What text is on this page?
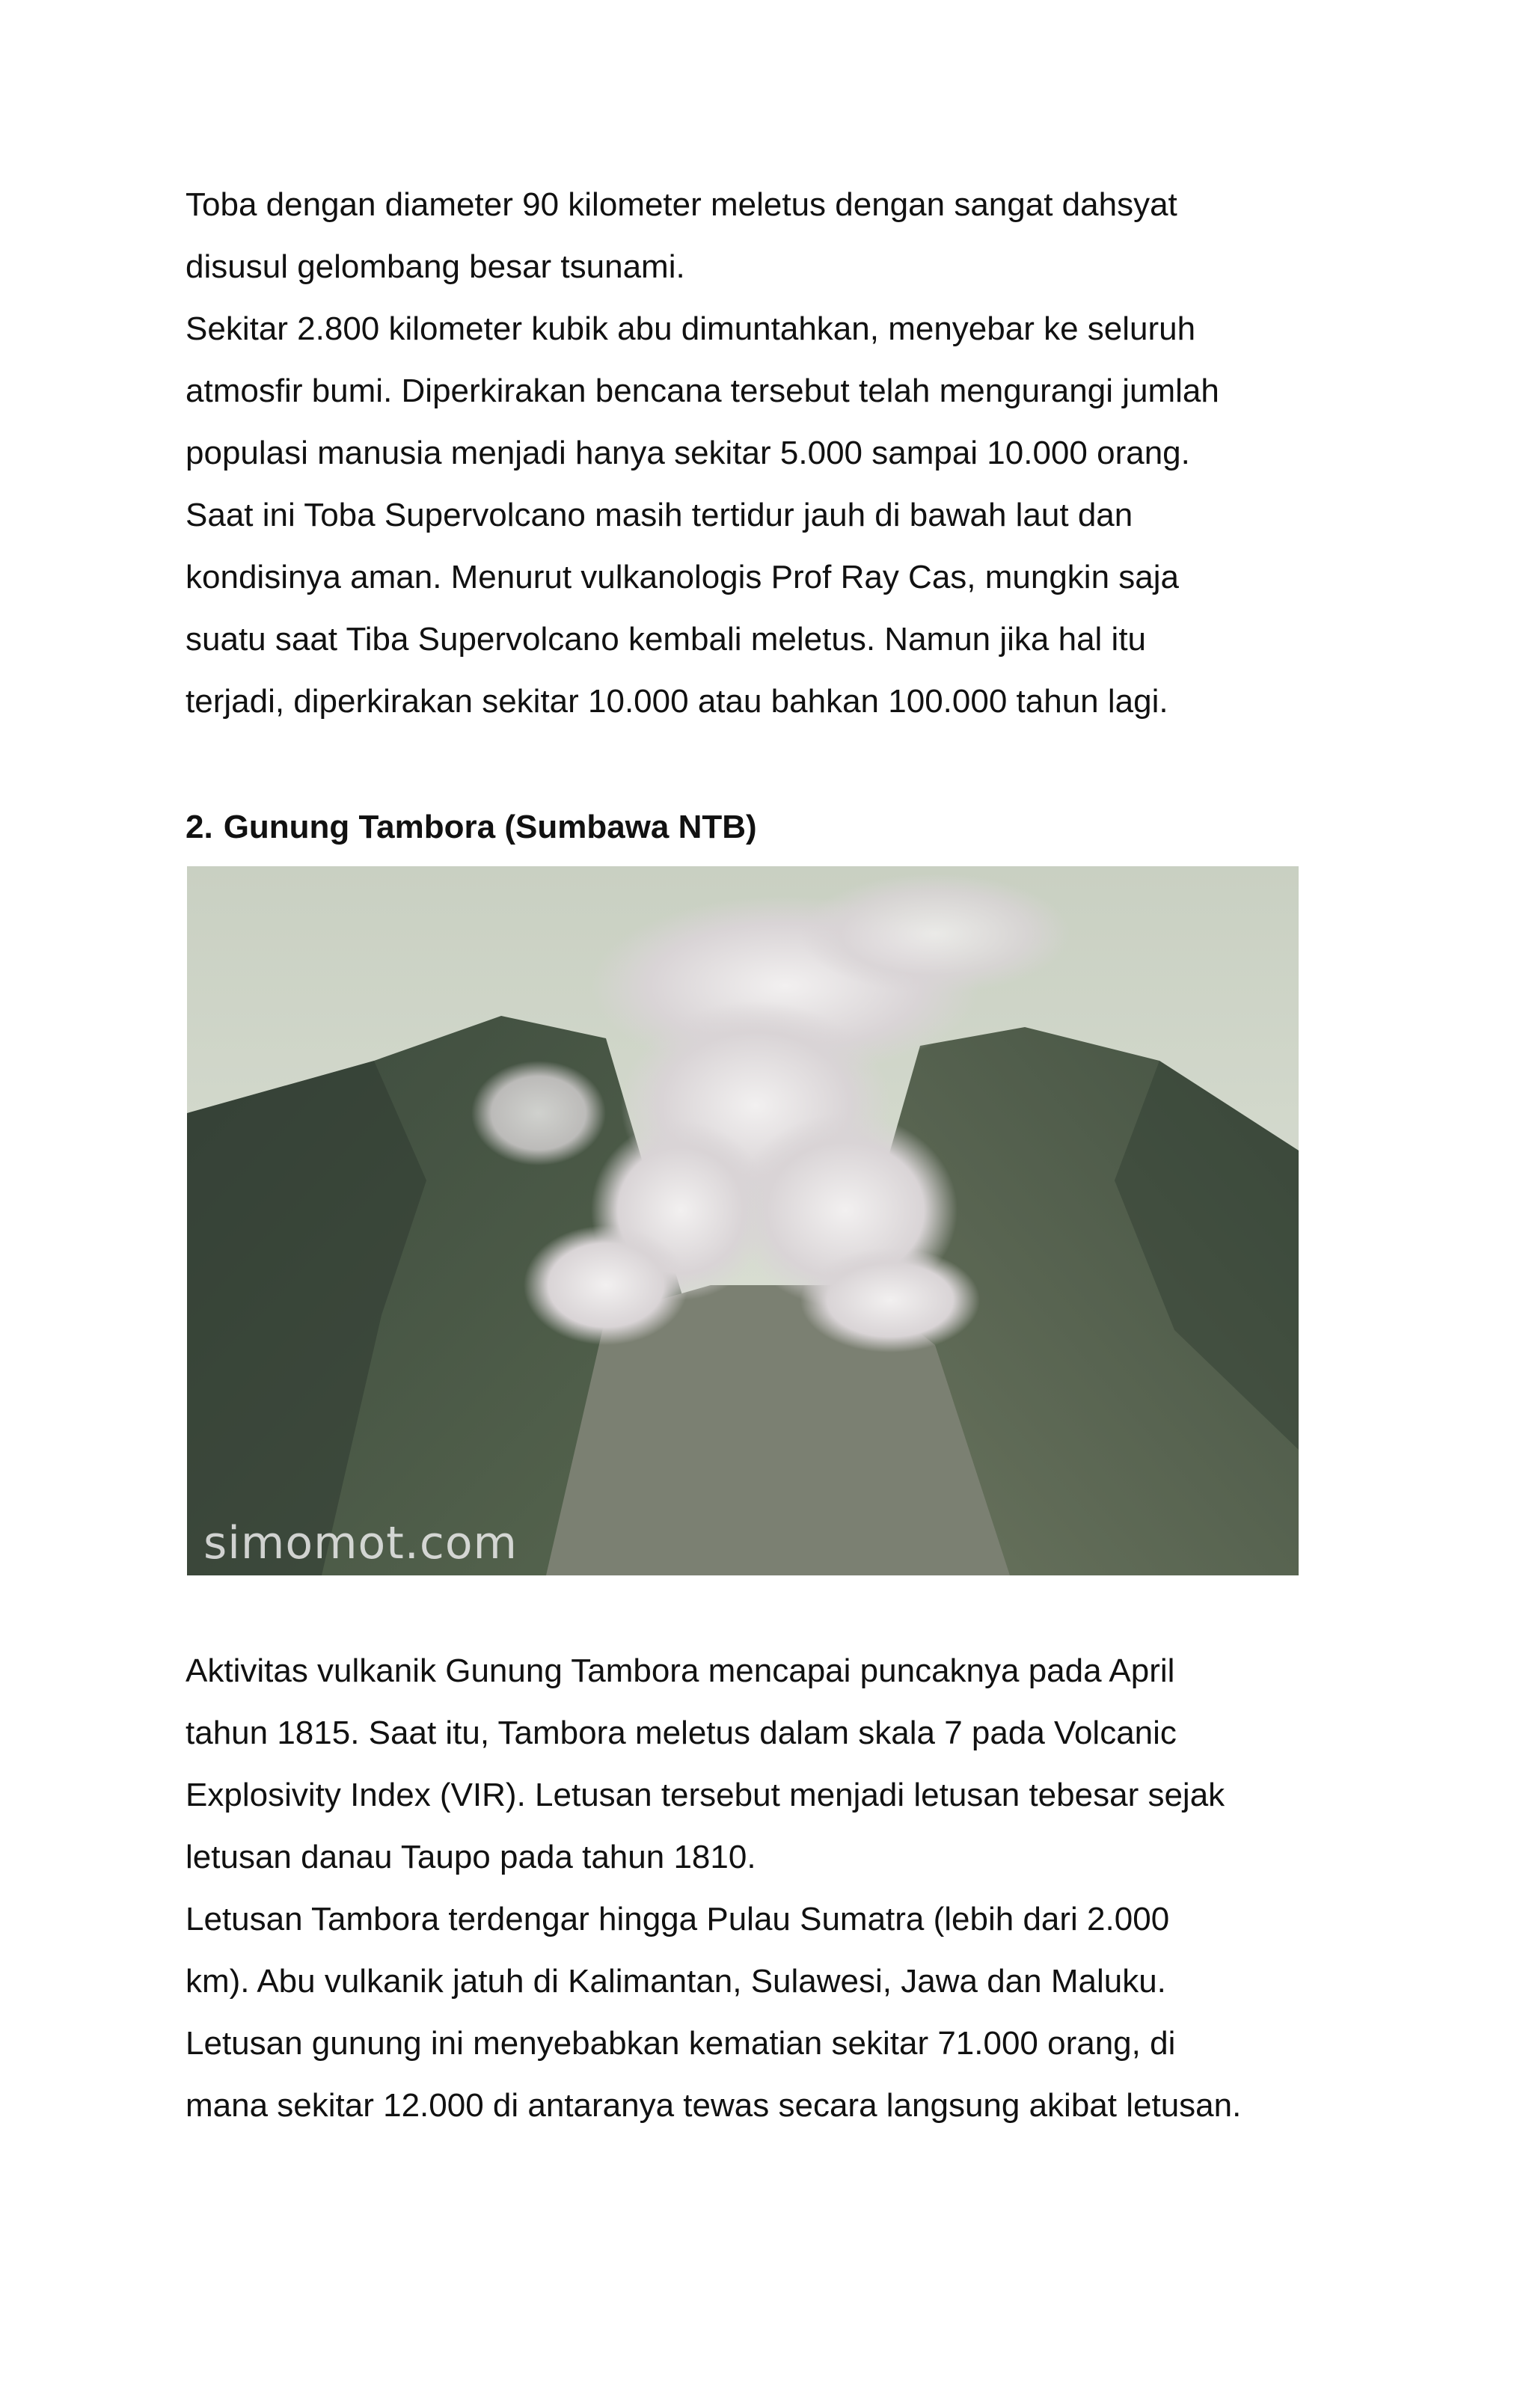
Toba dengan diameter 90 kilometer meletus dengan sangat dahsyat
disusul gelombang besar tsunami.
Sekitar 2.800 kilometer kubik abu dimuntahkan, menyebar ke seluruh
atmosfir bumi. Diperkirakan bencana tersebut telah mengurangi jumlah
populasi manusia menjadi hanya sekitar 5.000 sampai 10.000 orang.
Saat ini Toba Supervolcano masih tertidur jauh di bawah laut dan
kondisinya aman. Menurut vulkanologis Prof Ray Cas, mungkin saja
suatu saat Tiba Supervolcano kembali meletus. Namun jika hal itu
terjadi, diperkirakan sekitar 10.000 atau bahkan 100.000 tahun lagi.

2. Gunung Tambora (Sumbawa NTB)
simomot.com

Aktivitas vulkanik Gunung Tambora mencapai puncaknya pada April
tahun 1815. Saat itu, Tambora meletus dalam skala 7 pada Volcanic
Explosivity Index (VIR). Letusan tersebut menjadi letusan tebesar sejak
letusan danau Taupo pada tahun 1810.
Letusan Tambora terdengar hingga Pulau Sumatra (lebih dari 2.000
km). Abu vulkanik jatuh di Kalimantan, Sulawesi, Jawa dan Maluku.
Letusan gunung ini menyebabkan kematian sekitar 71.000 orang, di
mana sekitar 12.000 di antaranya tewas secara langsung akibat letusan.
